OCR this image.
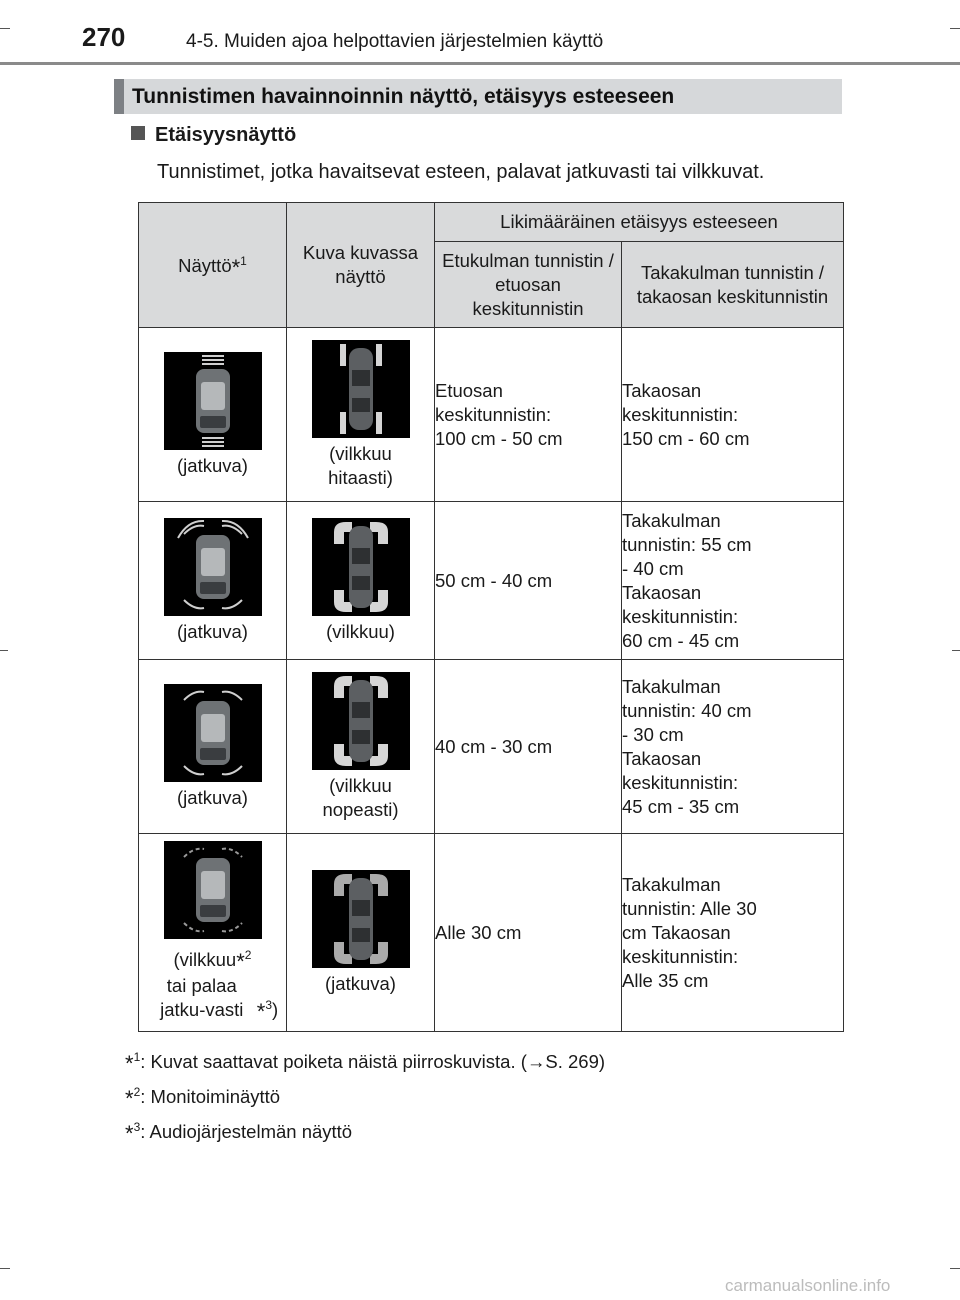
270	4-5. Muiden ajoa helpottavien järjestelmien käyttö
Tunnistimen havainnoinnin näyttö, etäisyys esteeseen
Etäisyysnäyttö
Tunnistimet, jotka havaitsevat esteen, palavat jatkuvasti tai vilkkuvat.
Näyttö*$^1$	Kuva kuvassa näyttö	Likimääräinen etäisyys esteeseen	

		Etukulman tunnistin / etuosan keskitunnistin	Takakulman tunnistin / takaosan keskitunnistin

(jatkuva)	(vilkkuu hitaasti)	Etuosan keskitunnistin: 100 cm - 50 cm	Takaosan keskitunnistin: 150 cm - 60 cm

(jatkuva)	(vilkkuu)	50 cm - 40 cm	Takakulman tunnistin: 55 cm - 40 cm Takaosan keskitunnistin: 60 cm - 45 cm

(jatkuva)	(vilkkuu nopeasti)	40 cm - 30 cm	Takakulman tunnistin: 40 cm - 30 cm Takaosan keskitunnistin: 45 cm - 35 cm

(vilkkuu*$^2$ tai palaa jatku-vasti *$^3$)	(jatkuva)	Alle 30 cm	Takakulman tunnistin: Alle 30 cm Takaosan keskitunnistin: Alle 35 cm
*$^1$: Kuvat saattavat poiketa näistä piirroskuvista. (→S. 269)
*$^2$: Monitoiminäyttö
*$^3$: Audiojärjestelmän näyttö
carmanualsonline.info
